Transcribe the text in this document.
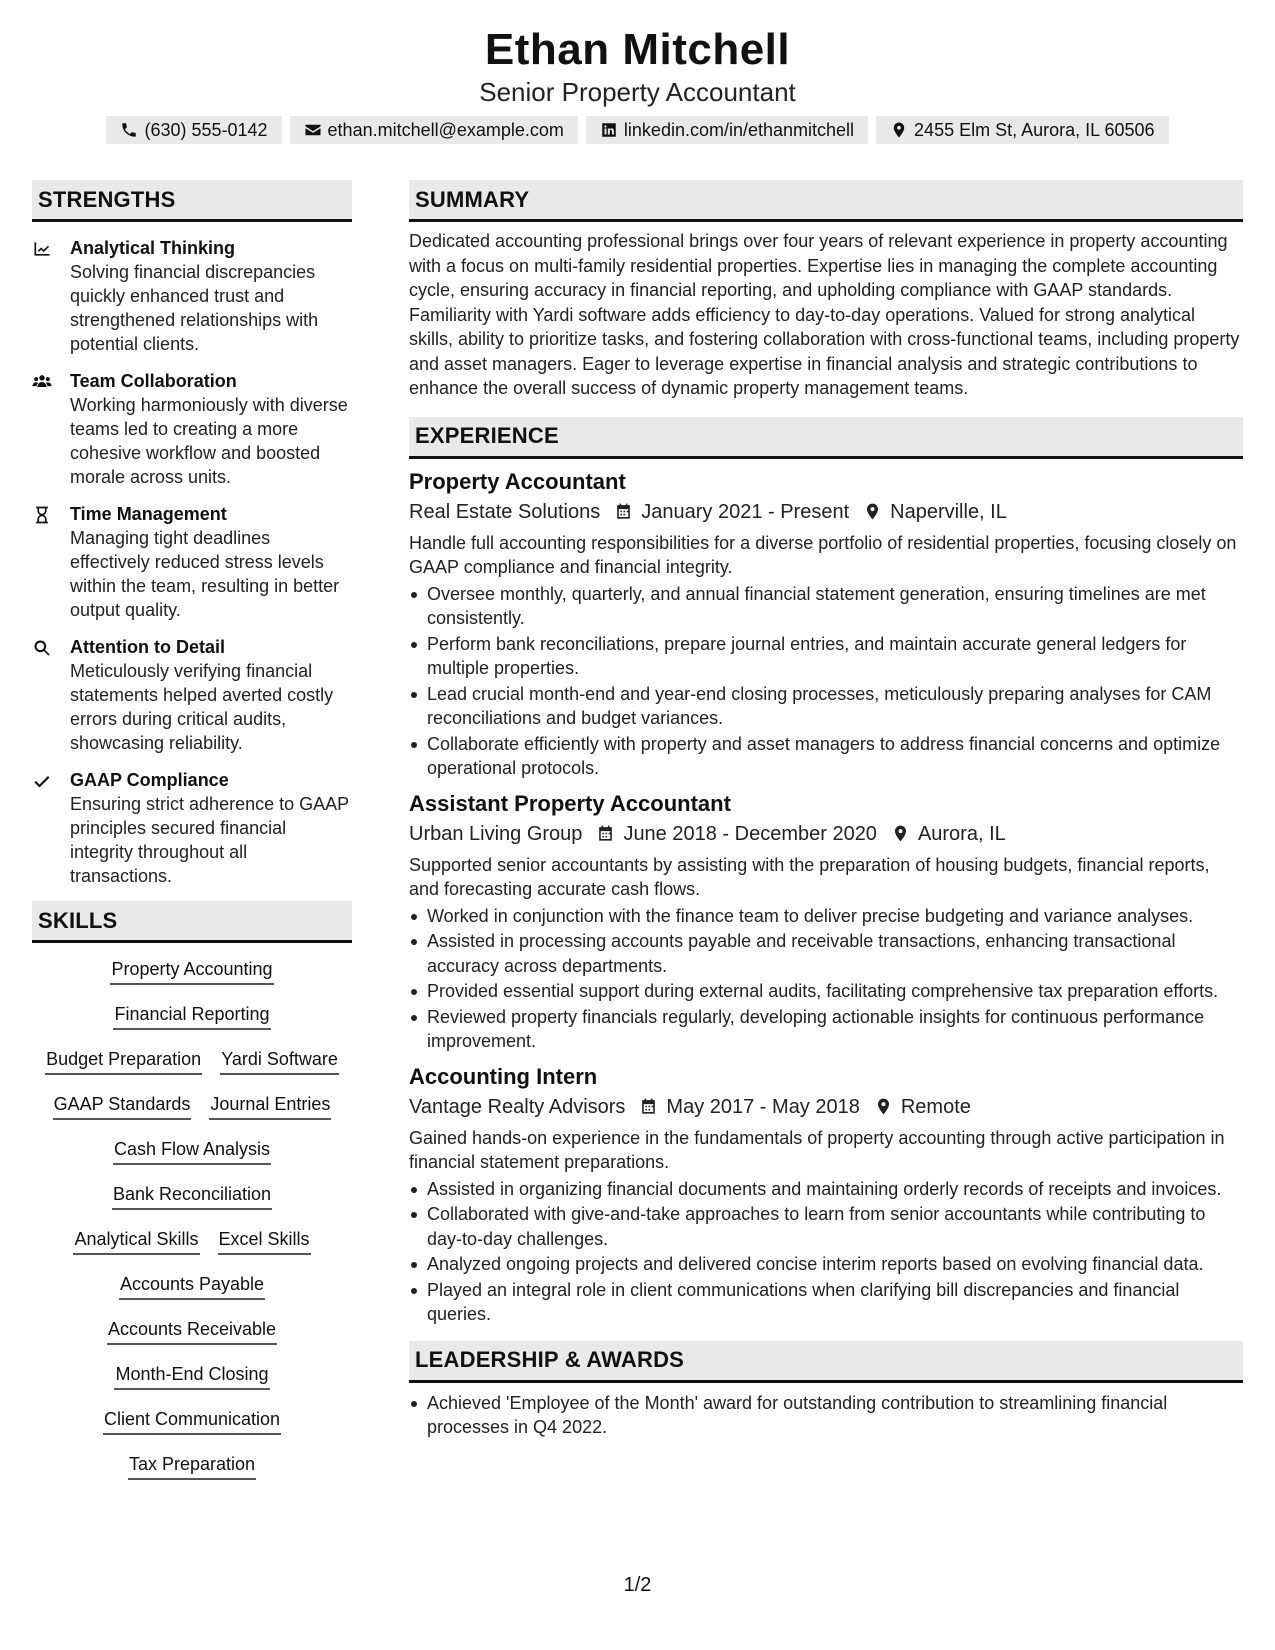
Ethan Mitchell
Senior Property Accountant
(630) 555-0142	ethan.mitchell@example.com	linkedin.com/in/ethanmitchell	2455 Elm St, Aurora, IL 60506
STRENGTHS
Analytical Thinking
Solving financial discrepancies quickly enhanced trust and strengthened relationships with potential clients.
Team Collaboration
Working harmoniously with diverse teams led to creating a more cohesive workflow and boosted morale across units.
Time Management
Managing tight deadlines effectively reduced stress levels within the team, resulting in better output quality.
Attention to Detail
Meticulously verifying financial statements helped averted costly errors during critical audits, showcasing reliability.
GAAP Compliance
Ensuring strict adherence to GAAP principles secured financial integrity throughout all transactions.
SKILLS
Property Accounting
Financial Reporting
Budget Preparation Yardi Software
GAAP Standards Journal Entries
Cash Flow Analysis
Bank Reconciliation
Analytical Skills Excel Skills
Accounts Payable
Accounts Receivable
Month-End Closing
Client Communication
Tax Preparation
SUMMARY
Dedicated accounting professional brings over four years of relevant experience in property accounting with a focus on multi-family residential properties. Expertise lies in managing the complete accounting cycle, ensuring accuracy in financial reporting, and upholding compliance with GAAP standards. Familiarity with Yardi software adds efficiency to day-to-day operations. Valued for strong analytical skills, ability to prioritize tasks, and fostering collaboration with cross-functional teams, including property and asset managers. Eager to leverage expertise in financial analysis and strategic contributions to enhance the overall success of dynamic property management teams.
EXPERIENCE
Property Accountant
Real Estate Solutions January 2021 - Present Naperville, IL
Handle full accounting responsibilities for a diverse portfolio of residential properties, focusing closely on GAAP compliance and financial integrity.
Oversee monthly, quarterly, and annual financial statement generation, ensuring timelines are met consistently.
Perform bank reconciliations, prepare journal entries, and maintain accurate general ledgers for multiple properties.
Lead crucial month-end and year-end closing processes, meticulously preparing analyses for CAM reconciliations and budget variances.
Collaborate efficiently with property and asset managers to address financial concerns and optimize operational protocols.
Assistant Property Accountant
Urban Living Group June 2018 - December 2020 Aurora, IL
Supported senior accountants by assisting with the preparation of housing budgets, financial reports, and forecasting accurate cash flows.
Worked in conjunction with the finance team to deliver precise budgeting and variance analyses.
Assisted in processing accounts payable and receivable transactions, enhancing transactional accuracy across departments.
Provided essential support during external audits, facilitating comprehensive tax preparation efforts.
Reviewed property financials regularly, developing actionable insights for continuous performance improvement.
Accounting Intern
Vantage Realty Advisors May 2017 - May 2018 Remote
Gained hands-on experience in the fundamentals of property accounting through active participation in financial statement preparations.
Assisted in organizing financial documents and maintaining orderly records of receipts and invoices.
Collaborated with give-and-take approaches to learn from senior accountants while contributing to day-to-day challenges.
Analyzed ongoing projects and delivered concise interim reports based on evolving financial data.
Played an integral role in client communications when clarifying bill discrepancies and financial queries.
LEADERSHIP & AWARDS
Achieved 'Employee of the Month' award for outstanding contribution to streamlining financial processes in Q4 2022.
1/2
